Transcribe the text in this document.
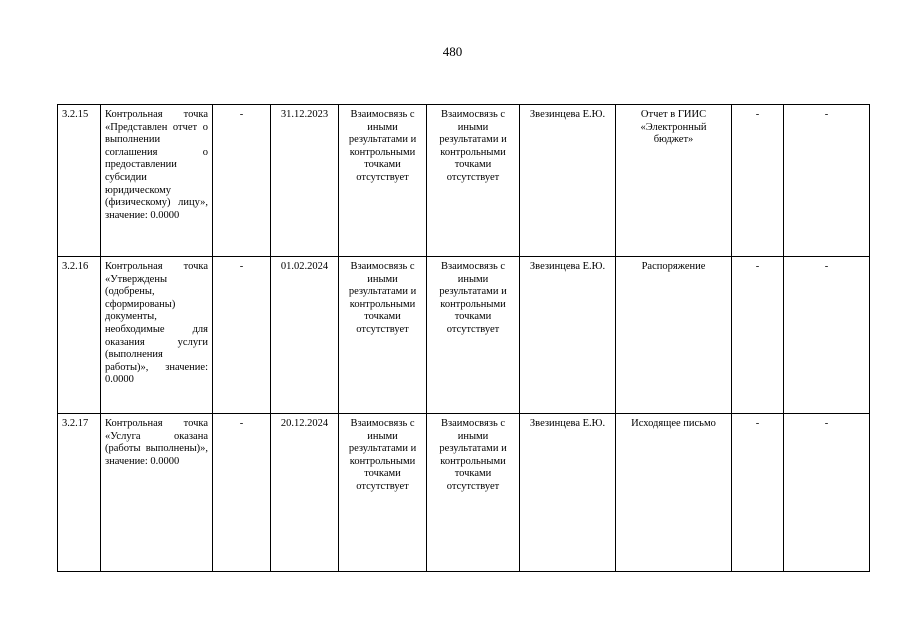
480
3.2.15	Контрольная точка «Представлен отчет о выполнении соглашения о предоставлении субсидии юридическому (физическому) лицу», значение: 0.0000	-	31.12.2023	Взаимосвязь с иными результатами и контрольными точками отсутствует	Взаимосвязь с иными результатами и контрольными точками отсутствует	Звезинцева Е.Ю.	Отчет в ГИИС «Электронный бюджет»	-	-
3.2.16	Контрольная точка «Утверждены (одобрены, сформированы) документы, необходимые для оказания услуги (выполнения работы)», значение: 0.0000	-	01.02.2024	Взаимосвязь с иными результатами и контрольными точками отсутствует	Взаимосвязь с иными результатами и контрольными точками отсутствует	Звезинцева Е.Ю.	Распоряжение	-	-
3.2.17	Контрольная точка «Услуга оказана (работы выполнены)», значение: 0.0000	-	20.12.2024	Взаимосвязь с иными результатами и контрольными точками отсутствует	Взаимосвязь с иными результатами и контрольными точками отсутствует	Звезинцева Е.Ю.	Исходящее письмо	-	-
